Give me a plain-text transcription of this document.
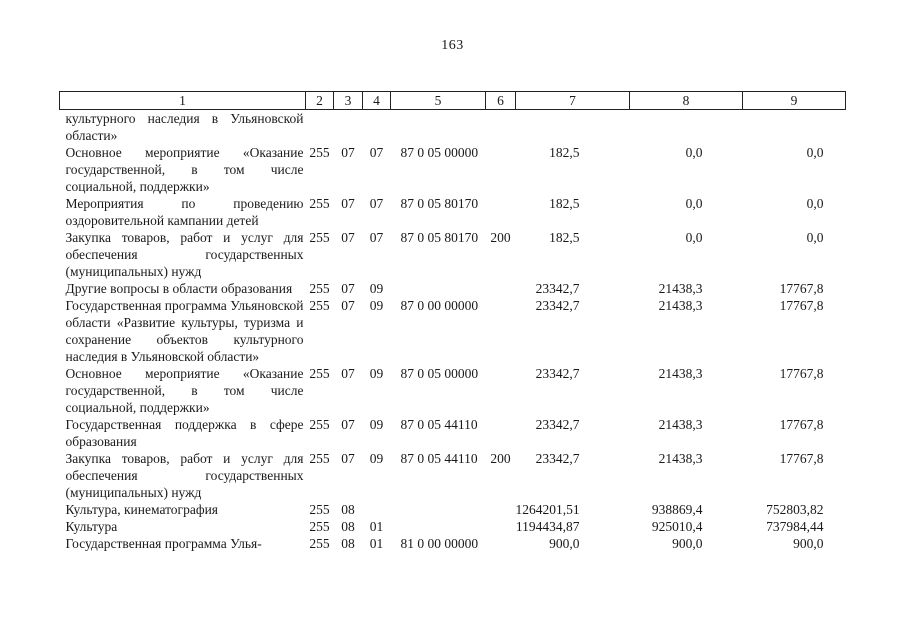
163
1	2	3	4	5	6	7	8	9
культурного наследия в Ульяновской области»								
Основное мероприятие «Оказание государственной, в том числе социальной, поддержки»	255	07	07	87 0 05 00000		182,5	0,0	0,0
Мероприятия по проведению оздоровительной кампании детей	255	07	07	87 0 05 80170		182,5	0,0	0,0
Закупка товаров, работ и услуг для обеспечения государственных (муниципальных) нужд	255	07	07	87 0 05 80170	200	182,5	0,0	0,0
Другие вопросы в области образования	255	07	09			23342,7	21438,3	17767,8
Государственная программа Ульяновской области «Развитие культуры, туризма и сохранение объектов культурного наследия в Ульяновской области»	255	07	09	87 0 00 00000		23342,7	21438,3	17767,8
Основное мероприятие «Оказание государственной, в том числе социальной, поддержки»	255	07	09	87 0 05 00000		23342,7	21438,3	17767,8
Государственная поддержка в сфере образования	255	07	09	87 0 05 44110		23342,7	21438,3	17767,8
Закупка товаров, работ и услуг для обеспечения государственных (муниципальных) нужд	255	07	09	87 0 05 44110	200	23342,7	21438,3	17767,8
Культура, кинематография	255	08				1264201,51	938869,4	752803,82
Культура	255	08	01			1194434,87	925010,4	737984,44
Государственная программа Улья-	255	08	01	81 0 00 00000		900,0	900,0	900,0
